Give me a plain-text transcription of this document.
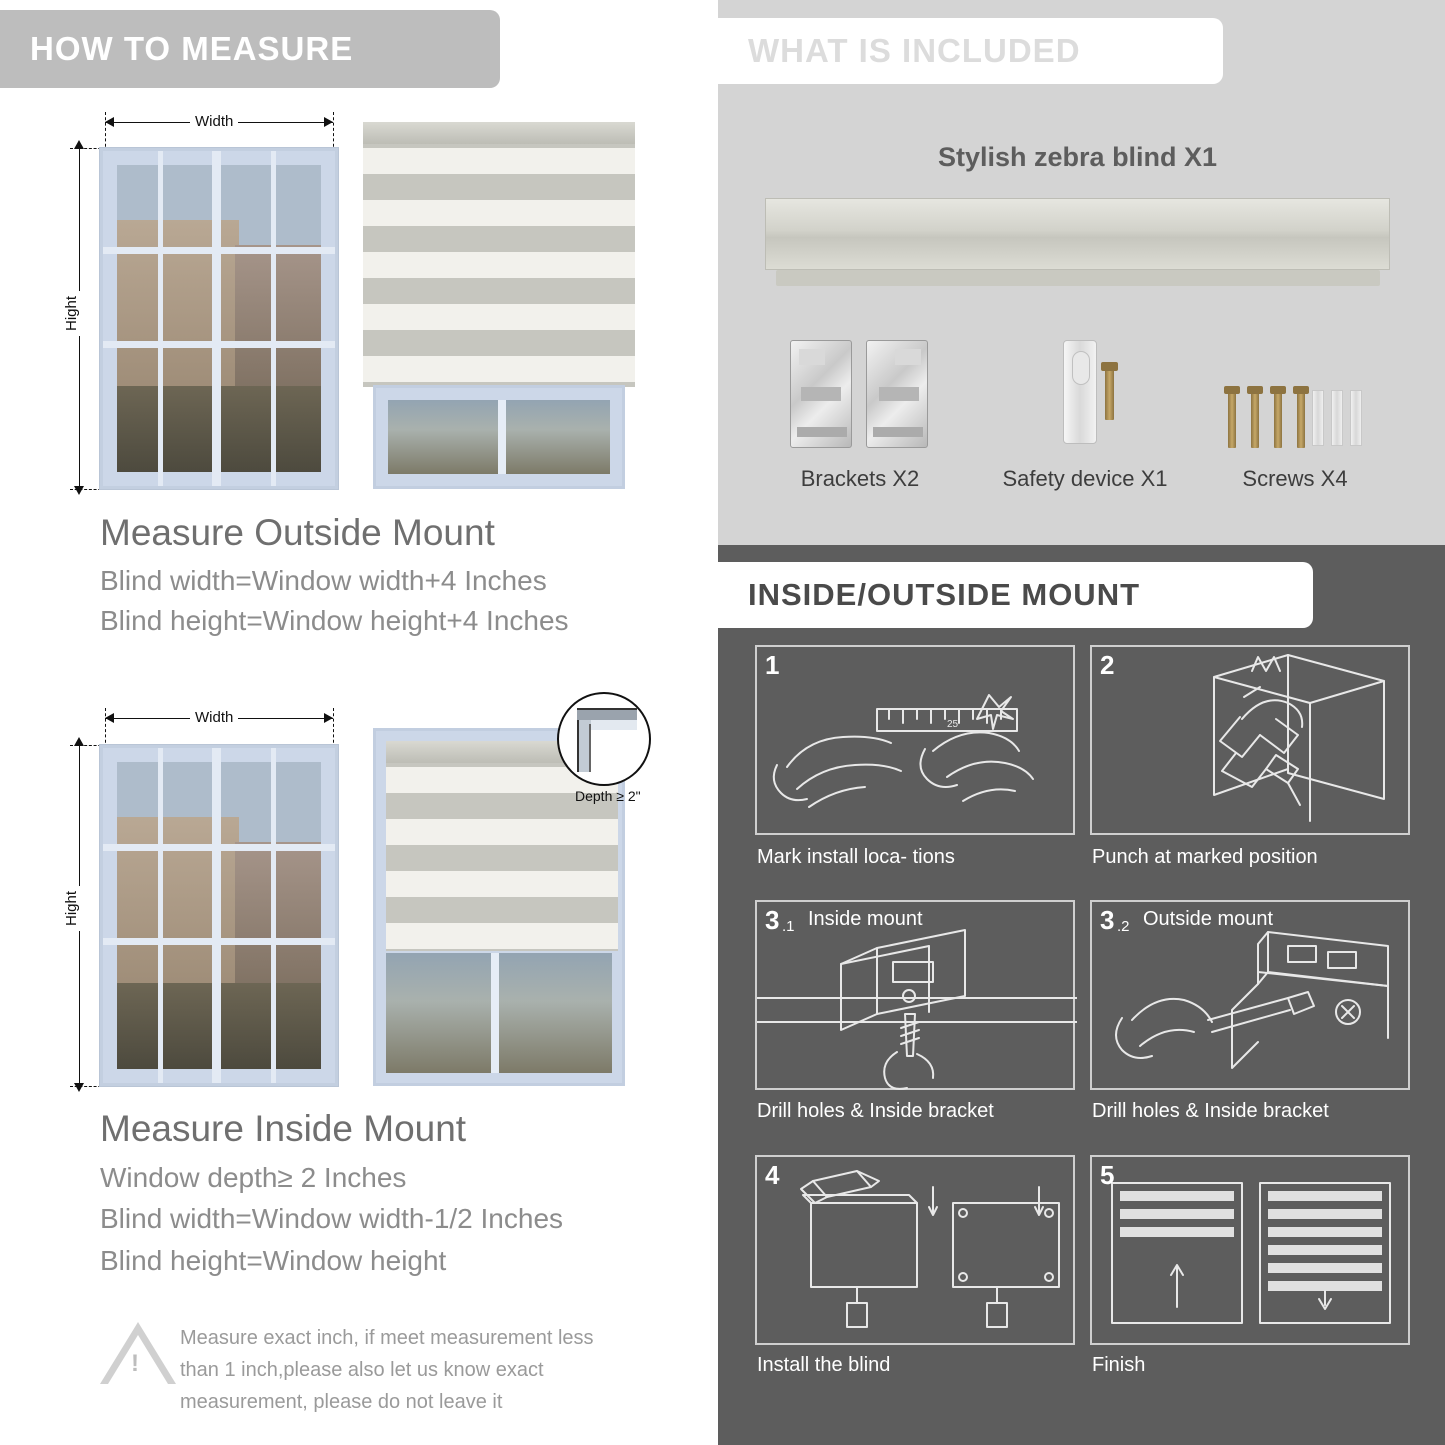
HOW TO MEASURE
Width
Hight
Measure Outside Mount
Blind width=Window width+4 Inches
Blind height=Window height+4 Inches
Width
Hight
Depth ≥ 2"
Measure Inside Mount
Window depth≥ 2 Inches
Blind width=Window width-1/2 Inches
Blind height=Window height
!
Measure exact inch, if meet measurement less
than 1 inch,please also let us know exact
measurement, please do not leave it
WHAT IS INCLUDED
Stylish zebra blind X1
Brackets X2	Safety device X1	Screws X4
INSIDE/OUTSIDE MOUNT
25
1
Mark install loca- tions
2
Punch at marked position
3 .1 Inside mount
Drill holes & Inside bracket
3 .2 Outside mount
Drill holes & Inside bracket
4
Install the blind
5
Finish
